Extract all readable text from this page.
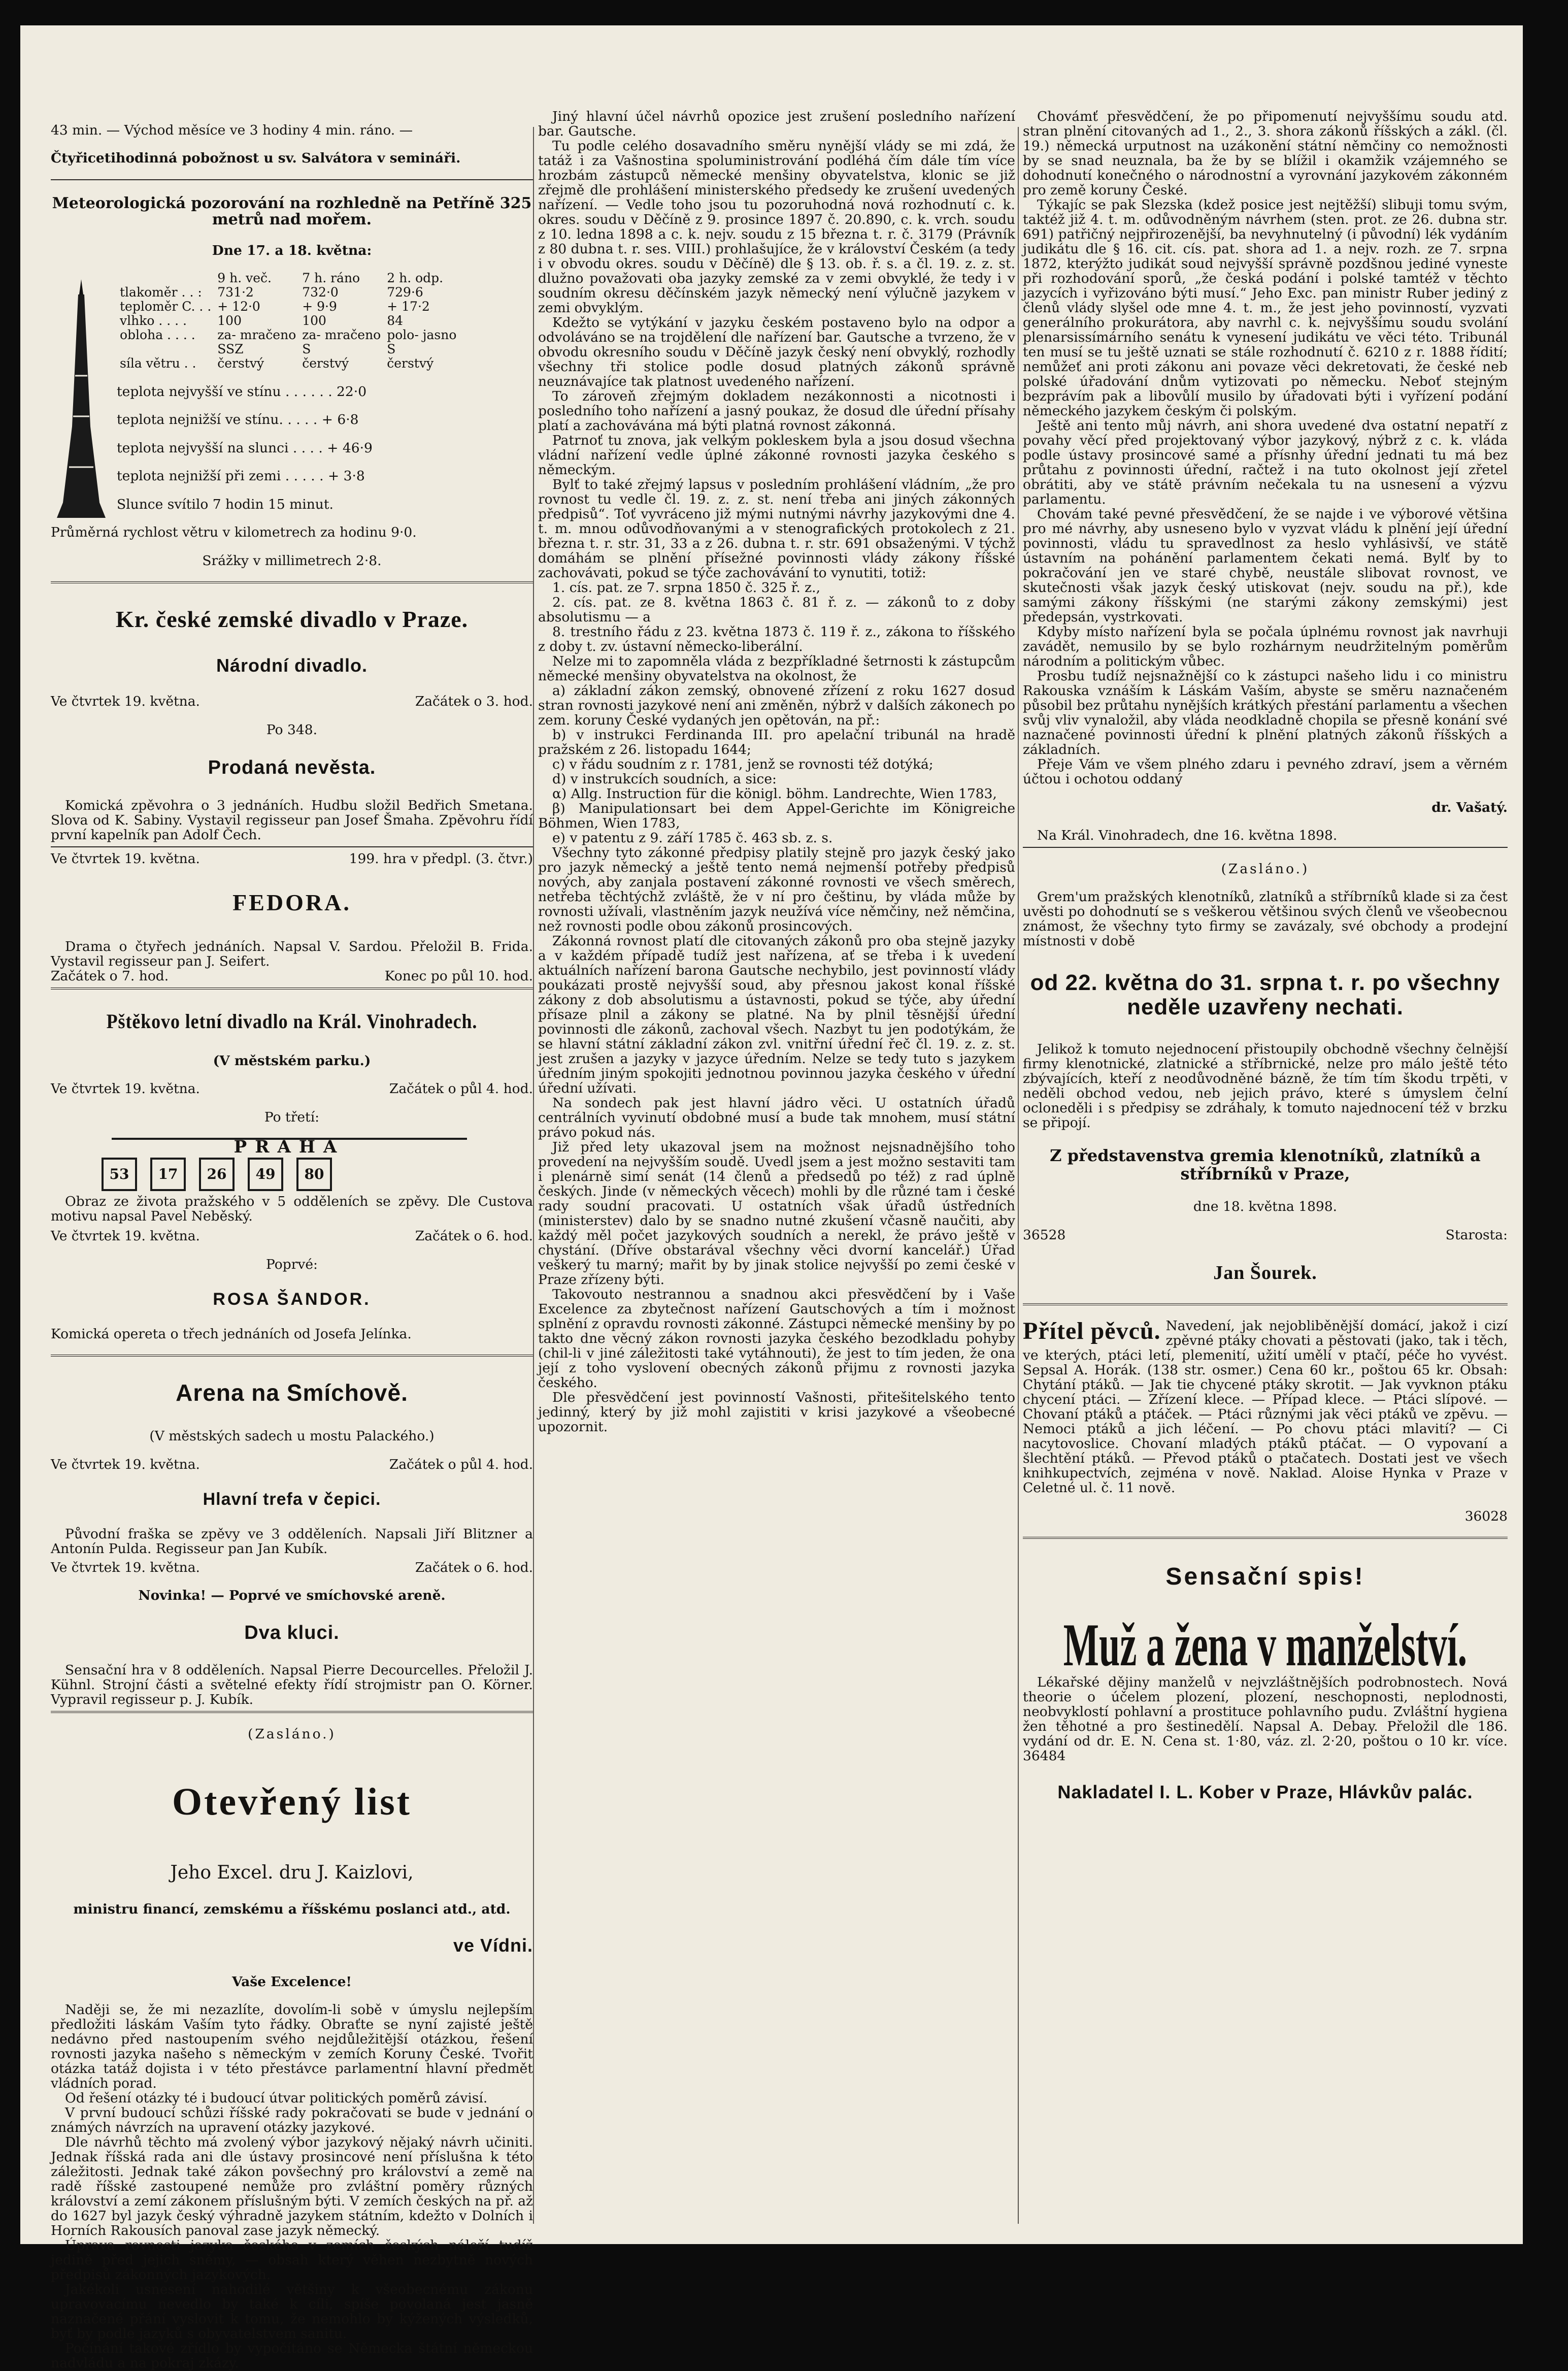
43 min. — Východ měsíce ve 3 hodiny 4 min. ráno. —

Čtyřicetihodinná pobožnost u sv. Salvátora v semináři.

Meteorologická pozorování na rozhledně na Petříně 325 metrů nad mořem.

Dne 17. a 18. května:

	9 h. več.	7 h. ráno	2 h. odp.
tlakoměr . . :	731·2	732·0	729·6
teploměr C. . .	+ 12·0	+ 9·9	+ 17·2
vlhko . . . .	100	100	84
obloha . . . .	za- mračeno	za- mračeno	polo- jasno
	SSZ	S	S
síla větru . .	čerstvý	čerstvý	čerstvý

teplota nejvyšší ve stínu . . . . . . 22·0

teplota nejnižší ve stínu. . . . . + 6·8

teplota nejvyšší na slunci . . . . + 46·9

teplota nejnižší při zemi . . . . . + 3·8

Slunce svítilo 7 hodin 15 minut.

Průměrná rychlost větru v kilometrech za hodinu 9·0.

Srážky v millimetrech 2·8.

Kr. české zemské divadlo v Praze.

Národní divadlo.

Ve čtvrtek 19. května.	Začátek o 3. hod.

Po 348.

Prodaná nevěsta.

Komická zpěvohra o 3 jednáních. Hudbu složil Bedřich Smetana. Slova od K. Sabiny. Vystavil regisseur pan Josef Šmaha. Zpěvohru řídí první kapelník pan Adolf Čech.

Ve čtvrtek 19. května.	199. hra v předpl. (3. čtvr.)

FEDORA.

Drama o čtyřech jednáních. Napsal V. Sardou. Přeložil B. Frida. Vystavil regisseur pan J. Seifert.

Začátek o 7. hod.	Konec po půl 10. hod.

Pštěkovo letní divadlo na Král. Vinohradech.

(V městském parku.)

Ve čtvrtek 19. května.	Začátek o půl 4. hod.

Po třetí:

PRAHA
53	17	26	49	80

Obraz ze života pražského v 5 odděleních se zpěvy. Dle Custova motivu napsal Pavel Neběský.

Ve čtvrtek 19. května.	Začátek o 6. hod.

Poprvé:

ROSA ŠANDOR.

Komická opereta o třech jednáních od Josefa Jelínka.

Arena na Smíchově.

(V městských sadech u mostu Palackého.)

Ve čtvrtek 19. května.	Začátek o půl 4. hod.

Hlavní trefa v čepici.

Původní fraška se zpěvy ve 3 odděleních. Napsali Jiří Blitzner a Antonín Pulda. Regisseur pan Jan Kubík.

Ve čtvrtek 19. května.	Začátek o 6. hod.

Novinka! — Poprvé ve smíchovské areně.

Dva kluci.

Sensační hra v 8 odděleních. Napsal Pierre Decourcelles. Přeložil J. Kühnl. Strojní části a světelné efekty řídí strojmistr pan O. Körner. Vypravil regisseur p. J. Kubík.

(Zasláno.)

Otevřený list

Jeho Excel. dru J. Kaizlovi,

ministru financí, zemskému a říšskému poslanci atd., atd.

ve Vídni.

Vaše Excelence!

Naději se, že mi nezazlíte, dovolím-li sobě v úmyslu nejlepším předložiti láskám Vaším tyto řádky. Obraťte se nyní zajisté ještě nedávno před nastoupením svého nejdůležitější otázkou, řešení rovnosti jazyka našeho s německým v zemích Koruny České. Tvořit otázka tatáž dojista i v této přestávce parlamentní hlavní předmět vládních porad.

Od řešení otázky té i budoucí útvar politických poměrů závisí.

V první budoucí schůzi říšské rady pokračovati se bude v jednání o známých návrzích na upravení otázky jazykové.

Dle návrhů těchto má zvolený výbor jazykový nějaký návrh učiniti. Jednak říšská rada ani dle ústavy prosincové není příslušna k této záležitosti. Jednak také zákon povšechný pro království a země na radě říšské zastoupené nemůže pro zvláštní poměry různých království a zemí zákonem příslušným býti. V zemích českých na př. až do 1627 byl jazyk český výhradně jazykem státním, kdežto v Dolních i Horních Rakousích panoval zase jazyk německý.

Úprava rovnosti jazyka českého v zemích českých náleží tudíž jedině před jejich sněmy, — obsah který věhen nezbytně nových předpisů zákonných jazykových.

Jakékoli usnesení nahodilé většiny k všeobecnému zákonu upravovacímu nevedlo by také k cíli, spíše povolaná jest jasně naznačené přání vyslovit k tomu, že nemohlo by kýžených výsledků, byť by podle jazyků s obyvatelstvem sanitu.

Počínání takové zřídlo by vypočítáno se Německa štátní německou nadvládu a na pokraj zkázy.

Jiný hlavní účel návrhů opozice jest zrušení posledního nařízení bar. Gautsche.

Tu podle celého dosavadního směru nynější vlády se mi zdá, že tatáž i za Vašnostina spoluministrování podléhá čím dále tím více hrozbám zástupců německé menšiny obyvatelstva, klonic se již zřejmě dle prohlášení ministerského předsedy ke zrušení uvedených nařízení. — Vedle toho jsou tu pozoruhodná nová rozhodnutí c. k. okres. soudu v Děčíně z 9. prosince 1897 č. 20.890, c. k. vrch. soudu z 10. ledna 1898 a c. k. nejv. soudu z 15 března t. r. č. 3179 (Právník z 80 dubna t. r. ses. VIII.) prohlašujíce, že v království Českém (a tedy i v obvodu okres. soudu v Děčíně) dle § 13. ob. ř. s. a čl. 19. z. z. st. dlužno považovati oba jazyky zemské za v zemi obvyklé, že tedy i v soudním okresu děčínském jazyk německý není výlučně jazykem v zemi obvyklým.

Kdežto se vytýkání v jazyku českém postaveno bylo na odpor a odvoláváno se na trojdělení dle nařízení bar. Gautsche a tvrzeno, že v obvodu okresního soudu v Děčíně jazyk český není obvyklý, rozhodly všechny tři stolice podle dosud platných zákonů správně neuznávajíce tak platnost uvedeného nařízení.

To zároveň zřejmým dokladem nezákonnosti a nicotnosti i posledního toho nařízení a jasný poukaz, že dosud dle úřední přísahy platí a zachovávána má býti platná rovnost zákonná.

Patrnoť tu znova, jak velkým pokleskem byla a jsou dosud všechna vládní nařízení vedle úplné zákonné rovnosti jazyka českého s německým.

Bylť to také zřejmý lapsus v posledním prohlášení vládním, „že pro rovnost tu vedle čl. 19. z. z. st. není třeba ani jiných zákonných předpisů“. Toť vyvráceno již mými nutnými návrhy jazykovými dne 4. t. m. mnou odůvodňovanými a v stenografických protokolech z 21. března t. r. str. 31, 33 a z 26. dubna t. r. str. 691 obsaženými. V týchž domáhám se plnění přísežné povinnosti vlády zákony říšské zachovávati, pokud se týče zachovávání to vynutiti, totiž:

1. cís. pat. ze 7. srpna 1850 č. 325 ř. z.,

2. cís. pat. ze 8. května 1863 č. 81 ř. z. — zákonů to z doby absolutismu — a

8. trestního řádu z 23. května 1873 č. 119 ř. z., zákona to říšského z doby t. zv. ústavní německo-liberální.

Nelze mi to zapomněla vláda z bezpříkladné šetrnosti k zástupcům německé menšiny obyvatelstva na okolnost, že

a) základní zákon zemský, obnovené zřízení z roku 1627 dosud stran rovnosti jazykové není ani změněn, nýbrž v dalších zákonech po zem. koruny České vydaných jen opětován, na př.:

b) v instrukci Ferdinanda III. pro apelační tribunál na hradě pražském z 26. listopadu 1644;

c) v řádu soudním z r. 1781, jenž se rovnosti též dotýká;

d) v instrukcích soudních, a sice:

α) Allg. Instruction für die königl. böhm. Landrechte, Wien 1783,

β) Manipulationsart bei dem Appel-Gerichte im Königreiche Böhmen, Wien 1783,

e) v patentu z 9. září 1785 č. 463 sb. z. s.

Všechny tyto zákonné předpisy platily stejně pro jazyk český jako pro jazyk německý a ještě tento nemá nejmenší potřeby předpisů nových, aby zanjala postavení zákonné rovnosti ve všech směrech, netřeba těchtýchž zvláště, že v ní pro češtinu, by vláda může by rovnosti užívali, vlastněním jazyk neužívá více němčiny, než němčina, než rovnosti podle obou zákonů prosincových.

Zákonná rovnost platí dle citovaných zákonů pro oba stejně jazyky a v každém případě tudíž jest nařízena, ať se třeba i k uvedení aktuálních nařízení barona Gautsche nechybilo, jest povinností vlády poukázati prostě nejvyšší soud, aby přesnou jakost konal říšské zákony z dob absolutismu a ústavnosti, pokud se týče, aby úřední přísaze plnil a zákony se platné. Na by plnil těsnější úřední povinnosti dle zákonů, zachoval všech. Nazbyt tu jen podotýkám, že se hlavní státní základní zákon zvl. vnitřní úřední řeč čl. 19. z. z. st. jest zrušen a jazyky v jazyce úředním. Nelze se tedy tuto s jazykem úředním jiným spokojiti jednotnou povinnou jazyka českého v úřední úřední užívati.

Na sondech pak jest hlavní jádro věci. U ostatních úřadů centrálních vyvinutí obdobné musí a bude tak mnohem, musí státní právo pokud nás.

Již před lety ukazoval jsem na možnost nejsnadnějšího toho provedení na nejvyšším soudě. Uvedl jsem a jest možno sestaviti tam i plenárně simí senát (14 členů a předsedů po též) z rad úplně českých. Jinde (v německých věcech) mohli by dle různé tam i české rady soudní pracovati. U ostatních však úřadů ústředních (ministerstev) dalo by se snadno nutné zkušení včasně naučiti, aby každý měl počet jazykových soudních a nerekl, že právo ještě v chystání. (Dříve obstarával všechny věci dvorní kancelář.) Úřad veškerý tu marný; mařit by by jinak stolice nejvyšší po zemi české v Praze zřízeny býti.

Takovouto nestrannou a snadnou akci přesvědčení by i Vaše Excelence za zbytečnost nařízení Gautschových a tím i možnost splnění z opravdu rovnosti zákonné. Zástupci německé menšiny by po takto dne věcný zákon rovnosti jazyka českého bezodkladu pohyby (chil-li v jiné záležitosti také vytáhnouti), že jest to tím jeden, že ona její z toho vyslovení obecných zákonů přijmu z rovnosti jazyka českého.

Dle přesvědčení jest povinností Vašnosti, přitešitelského tento jedinný, který by již mohl zajistiti v krisi jazykové a všeobecné upozornit.

Chovámť přesvědčení, že po připomenutí nejvyššímu soudu atd. stran plnění citovaných ad 1., 2., 3. shora zákonů říšských a zákl. (čl. 19.) německá urputnost na uzákonění státní němčiny co nemožnosti by se snad neuznala, ba že by se blížil i okamžik vzájemného se dohodnutí konečného o národnostní a vyrovnání jazykovém zákonném pro země koruny České.

Týkajíc se pak Slezska (kdež posice jest nejtěžší) slibuji tomu svým, taktéž již 4. t. m. odůvodněným návrhem (sten. prot. ze 26. dubna str. 691) patřičný nejpřirozenější, ba nevyhnutelný (i původní) lék vydáním judikátu dle § 16. cit. cís. pat. shora ad 1. a nejv. rozh. ze 7. srpna 1872, kterýžto judikát soud nejvyšší správně pozdšnou jediné vyneste při rozhodování sporů, „že česká podání i polské tamtéž v těchto jazycích i vyřizováno býti musí.“ Jeho Exc. pan ministr Ruber jediný z členů vlády slyšel ode mne 4. t. m., že jest jeho povinností, vyzvati generálního prokurátora, aby navrhl c. k. nejvyššímu soudu svolání plenarsissímárního senátu k vynesení judikátu ve věci této. Tribunál ten musí se tu ještě uznati se stále rozhodnutí č. 6210 z r. 1888 řídití; nemůžeť ani proti zákonu ani povaze věci dekretovati, že české neb polské úřadování dnům vytizovati po německu. Neboť stejným bezprávím pak a libovůlí musilo by úřadovati býti i vyřízení podání německého jazykem českým či polským.

Ještě ani tento můj návrh, ani shora uvedené dva ostatní nepatří z povahy věcí před projektovaný výbor jazykový, nýbrž z c. k. vláda podle ústavy prosincové samé a přísnhy úřední jednati tu má bez průtahu z povinnosti úřední, račtež i na tuto okolnost její zřetel obrátiti, aby ve státě právním nečekala tu na usnesení a výzvu parlamentu.

Chovám také pevné přesvědčení, že se najde i ve výborové většina pro mé návrhy, aby usneseno bylo v vyzvat vládu k plnění její úřední povinnosti, vládu tu spravedlnost za heslo vyhlásivší, ve státě ústavním na pohánění parlamentem čekati nemá. Bylť by to pokračování jen ve staré chybě, neustále slibovat rovnost, ve skutečnosti však jazyk český utiskovat (nejv. soudu na př.), kde samými zákony říšskými (ne starými zákony zemskými) jest předepsán, vystrkovati.

Kdyby místo nařízení byla se počala úplnému rovnost jak navrhuji zavádět, nemusilo by se bylo rozhárnym neudržitelným poměrům národním a politickým vůbec.

Prosbu tudíž nejsnažnější co k zástupci našeho lidu i co ministru Rakouska vznáším k Láskám Vaším, abyste se směru naznačeném působil bez průtahu nynějších krátkých přestání parlamentu a všechen svůj vliv vynaložil, aby vláda neodkladně chopila se přesně konání své naznačené povinnosti úřední k plnění platných zákonů říšských a základních.

Přeje Vám ve všem plného zdaru i pevného zdraví, jsem a věrném účtou i ochotou oddaný

dr. Vašatý.

Na Král. Vinohradech, dne 16. května 1898.

(Zasláno.)

Grem'um pražských klenotníků, zlatníků a stříbrníků klade si za čest uvěsti po dohodnutí se s veškerou většinou svých členů ve všeobecnou známost, že všechny tyto firmy se zavázaly, své obchody a prodejní místnosti v době

od 22. května do 31. srpna t. r. po všechny neděle uzavřeny nechati.

Jelikož k tomuto nejednocení přistoupily obchodně všechny čelnější firmy klenotnické, zlatnické a stříbrnické, nelze pro málo ještě této zbývajících, kteří z neodůvodněné bázně, že tím tím škodu trpěti, v neděli obchod vedou, neb jejich právo, které s úmyslem čelní ocloneděli i s předpisy se zdráhaly, k tomuto najednocení též v brzku se připojí.

Z představenstva gremia klenotníků, zlatníků a stříbrníků v Praze,

dne 18. května 1898.

36528	Starosta:

Jan Šourek.

Přítel pěvců. Navedení, jak nejobliběnější domácí, jakož i cizí zpěvné ptáky chovati a pěstovati (jako, tak i těch, ve kterých, ptáci letí, plemenití, užití umělí v ptačí, péče ho vyvést. Sepsal A. Horák. (138 str. osmer.) Cena 60 kr., poštou 65 kr. Obsah: Chytání ptáků. — Jak tie chycené ptáky skrotit. — Jak vyvknon ptáku chycení ptáci. — Zřízení klece. — Případ klece. — Ptáci slípové. — Chovaní ptáků a ptáček. — Ptáci různými jak věci ptáků ve zpěvu. — Nemoci ptáků a jich léčení. — Po chovu ptáci mlavití? — Ci nacytovoslice. Chovaní mladých ptáků ptáčat. — O vypovaní a šlechtění ptáků. — Převod ptáků o ptačatech. Dostati jest ve všech knihkupectvích, zejména v nově. Naklad. Aloise Hynka v Praze v Celetné ul. č. 11 nově.

36028

Sensační spis!

Muž a žena v manželství.

Lékařské dějiny manželů v nejvzláštnějších podrobnostech. Nová theorie o účelem plození, plození, neschopnosti, neplodnosti, neobvyklostí pohlavní a prostituce pohlavního pudu. Zvláštní hygiena žen těhotné a pro šestinedělí. Napsal A. Debay. Přeložil dle 186. vydání od dr. E. N. Cena st. 1·80, váz. zl. 2·20, poštou o 10 kr. více. 36484

Nakladatel I. L. Kober v Praze, Hlávkův palác.
